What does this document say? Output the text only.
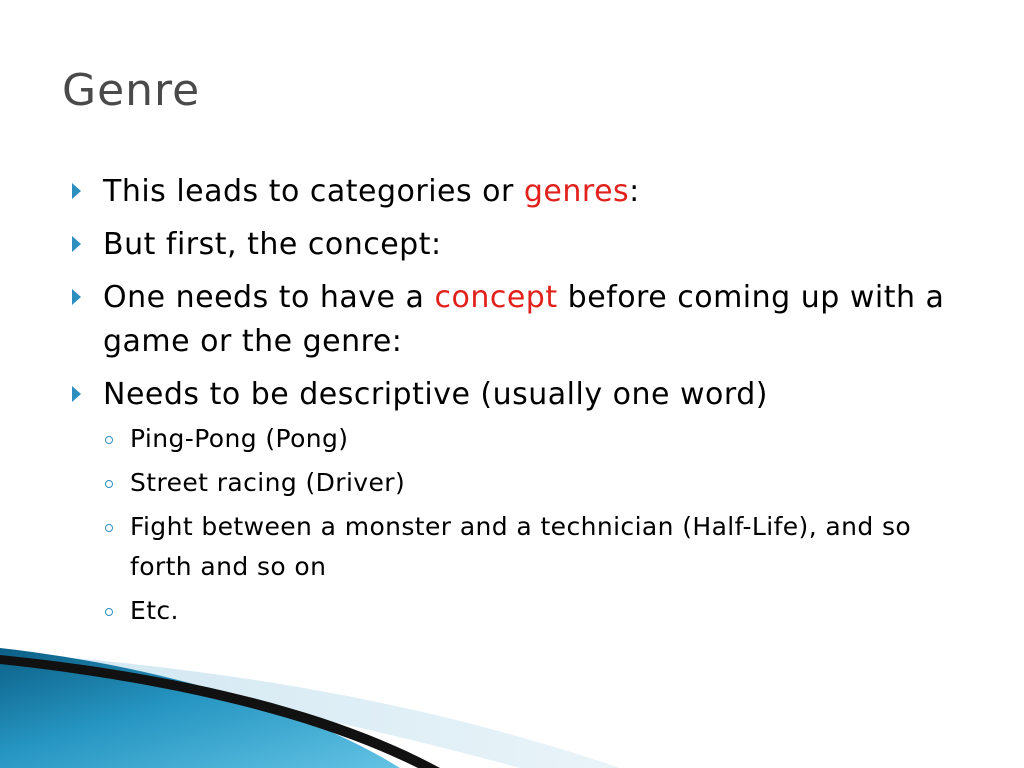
Genre
This leads to categories or genres:
But first, the concept:
One needs to have a concept before coming up with a game or the genre:
Needs to be descriptive (usually one word)
Ping-Pong (Pong)
Street racing (Driver)
Fight between a monster and a technician (Half-Life), and so forth and so on
Etc.
